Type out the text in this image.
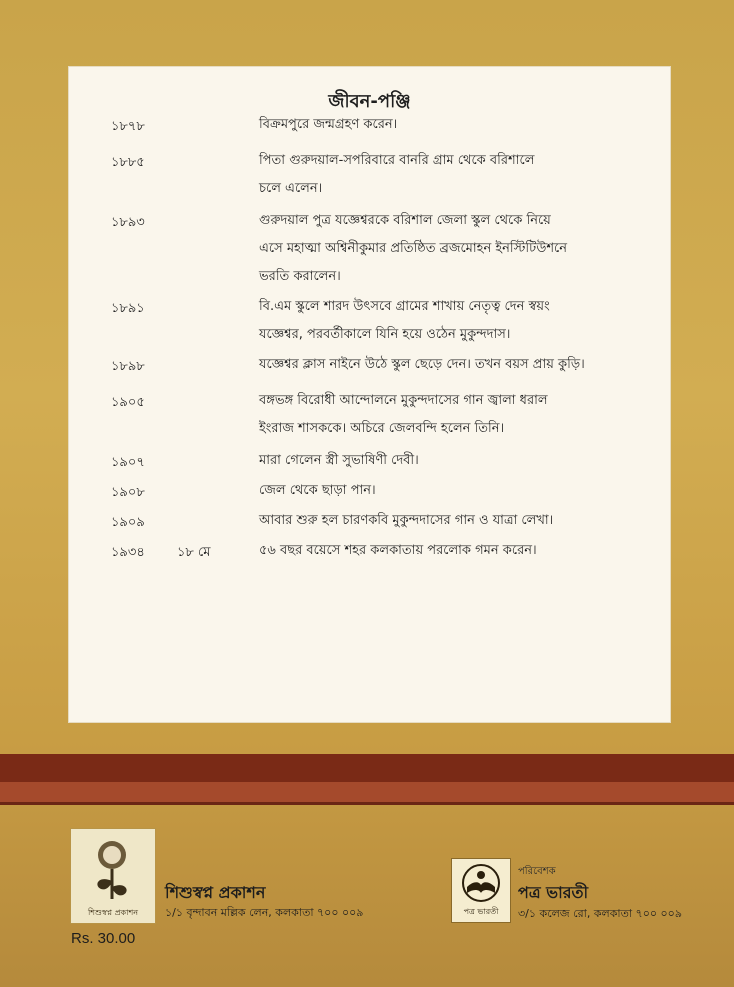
জীবন-পঞ্জি
১৮৭৮	বিক্রমপুরে জন্মগ্রহণ করেন।
১৮৮৫	পিতা গুরুদয়াল-সপরিবারে বানরি গ্রাম থেকে বরিশালে
চলে এলেন।
১৮৯৩	গুরুদয়াল পুত্র যজ্ঞেশ্বরকে বরিশাল জেলা স্কুল থেকে নিয়ে
এসে মহাত্মা অশ্বিনীকুমার প্রতিষ্ঠিত ব্রজমোহন ইনস্টিটিউশনে
ভরতি করালেন।
১৮৯১	বি.এম স্কুলে শারদ উৎসবে গ্রামের শাখায় নেতৃত্ব দেন স্বয়ং
যজ্ঞেশ্বর, পরবর্তীকালে যিনি হয়ে ওঠেন মুকুন্দদাস।
১৮৯৮	যজ্ঞেশ্বর ক্লাস নাইনে উঠে স্কুল ছেড়ে দেন। তখন বয়স প্রায় কুড়ি।
১৯০৫	বঙ্গভঙ্গ বিরোধী আন্দোলনে মুকুন্দদাসের গান জ্বালা ধরাল
ইংরাজ শাসককে। অচিরে জেলবন্দি হলেন তিনি।
১৯০৭	মারা গেলেন স্ত্রী সুভাষিণী দেবী।
১৯০৮	জেল থেকে ছাড়া পান।
১৯০৯	আবার শুরু হল চারণকবি মুকুন্দদাসের গান ও যাত্রা লেখা।
১৯৩৪ ১৮ মে	৫৬ বছর বয়েসে শহর কলকাতায় পরলোক গমন করেন।
শিশুস্বপ্ন প্রকাশন
শিশুস্বপ্ন প্রকাশন
১/১ বৃন্দাবন মল্লিক লেন, কলকাতা ৭০০ ০০৯
Rs. 30.00
পত্র ভারতী
পরিবেশক
পত্র ভারতী
৩/১ কলেজ রো, কলকাতা ৭০০ ০০৯
